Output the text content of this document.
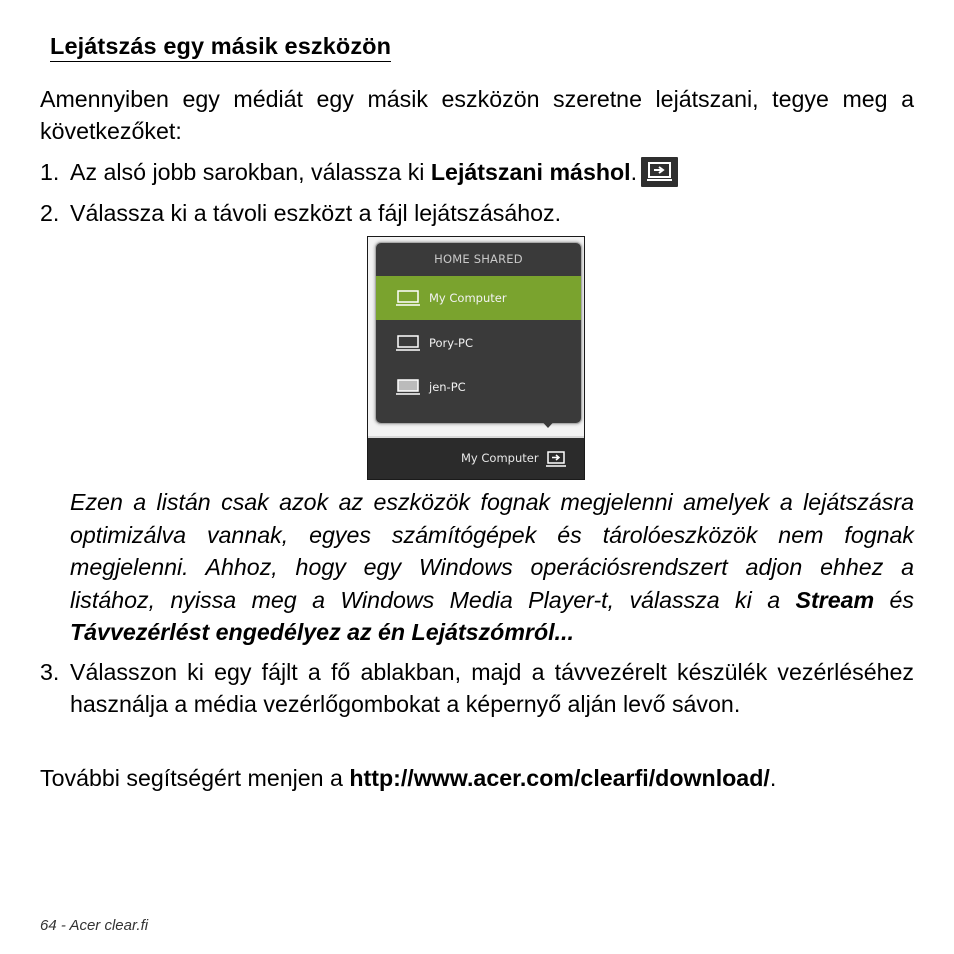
Lejátszás egy másik eszközön

Amennyiben egy médiát egy másik eszközön szeretne lejátszani, tegye meg a következőket:

1. Az alsó jobb sarokban, válassza ki Lejátszani máshol.

2. Válassza ki a távoli eszközt a fájl lejátszásához.

HOME SHARED
My Computer
Pory-PC
jen-PC
My Computer

Ezen a listán csak azok az eszközök fognak megjelenni amelyek a lejátszásra optimizálva vannak, egyes számítógépek és tárolóeszközök nem fognak megjelenni. Ahhoz, hogy egy Windows operációsrendszert adjon ehhez a listához, nyissa meg a Windows Media Player-t, válassza ki a Stream és Távvezérlést engedélyez az én Lejátszómról...

3. Válasszon ki egy fájlt a fő ablakban, majd a távvezérelt készülék vezérléséhez használja a média vezérlőgombokat a képernyő alján levő sávon.

További segítségért menjen a http://www.acer.com/clearfi/download/.

64 - Acer clear.fi
